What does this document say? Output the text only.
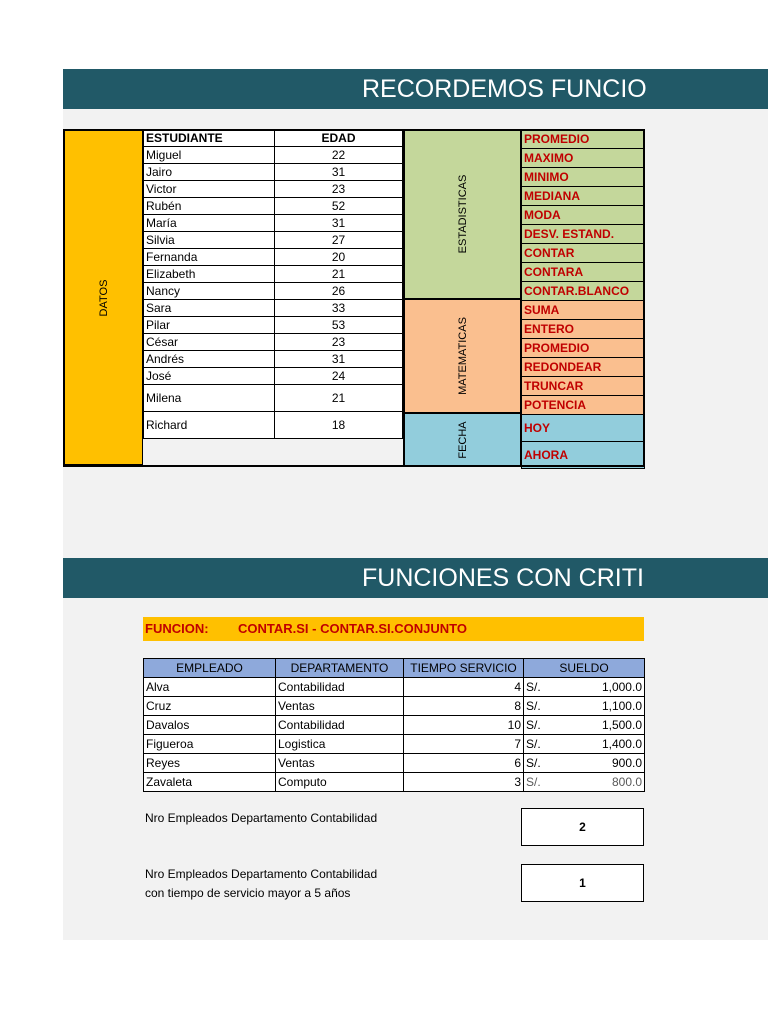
RECORDEMOS FUNCIO
DATOS
ESTUDIANTE	EDAD
Miguel	22
Jairo	31
Victor	23
Rubén	52
María	31
Silvia	27
Fernanda	20
Elizabeth	21
Nancy	26
Sara	33
Pilar	53
César	23
Andrés	31
José	24
Milena	21
Richard	18
ESTADISTICAS
MATEMATICAS
FECHA
PROMEDIO
MAXIMO
MINIMO
MEDIANA
MODA
DESV. ESTAND.
CONTAR
CONTARA
CONTAR.BLANCO
SUMA
ENTERO
PROMEDIO
REDONDEAR
TRUNCAR
POTENCIA
HOY
AHORA
FUNCIONES CON CRITI
FUNCION: CONTAR.SI - CONTAR.SI.CONJUNTO
EMPLEADO	DEPARTAMENTO	TIEMPO SERVICIO	SUELDO
Alva	Contabilidad	4	S/. 1,000.0

Cruz	Ventas	8	S/. 1,100.0

Davalos	Contabilidad	10	S/. 1,500.0

Figueroa	Logistica	7	S/. 1,400.0

Reyes	Ventas	6	S/. 900.0

Zavaleta	Computo	3	S/. 800.0
Nro Empleados Departamento Contabilidad
2
Nro Empleados Departamento Contabilidad
con tiempo de servicio mayor a 5 años
1
